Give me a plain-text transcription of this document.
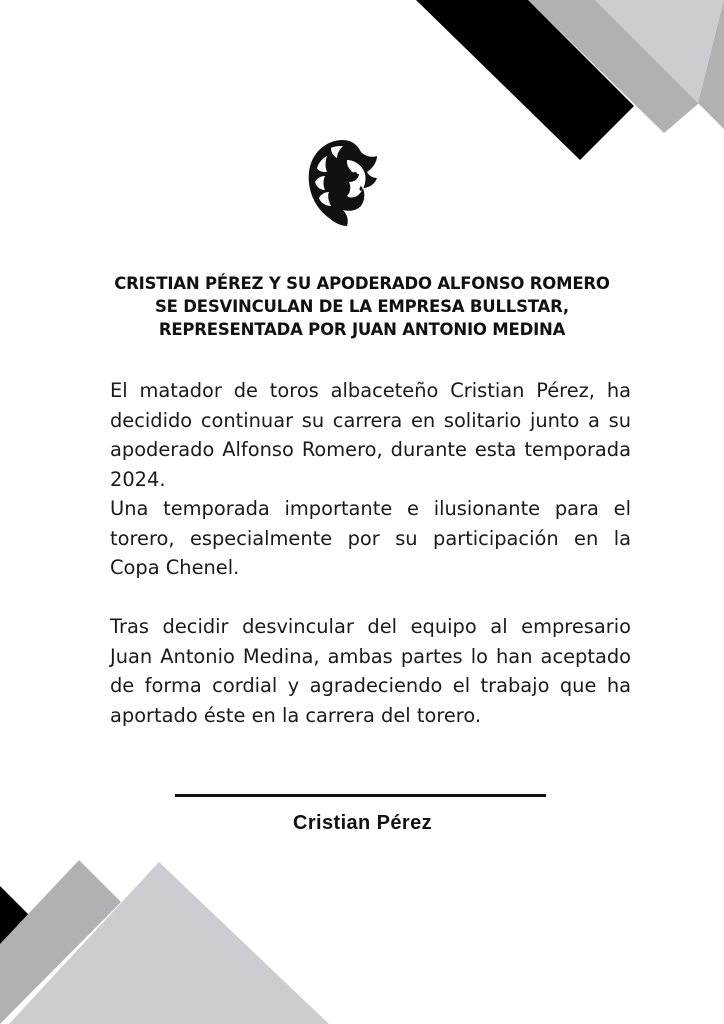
CRISTIAN PÉREZ Y SU APODERADO ALFONSO ROMERO SE DESVINCULAN DE LA EMPRESA BULLSTAR, REPRESENTADA POR JUAN ANTONIO MEDINA

El matador de toros albaceteño Cristian Pérez, ha decidido continuar su carrera en solitario junto a su apoderado Alfonso Romero, durante esta temporada 2024.

Una temporada importante e ilusionante para el torero, especialmente por su participación en la Copa Chenel.

Tras decidir desvincular del equipo al empresario Juan Antonio Medina, ambas partes lo han aceptado de forma cordial y agradeciendo el trabajo que ha aportado éste en la carrera del torero.

Cristian Pérez
